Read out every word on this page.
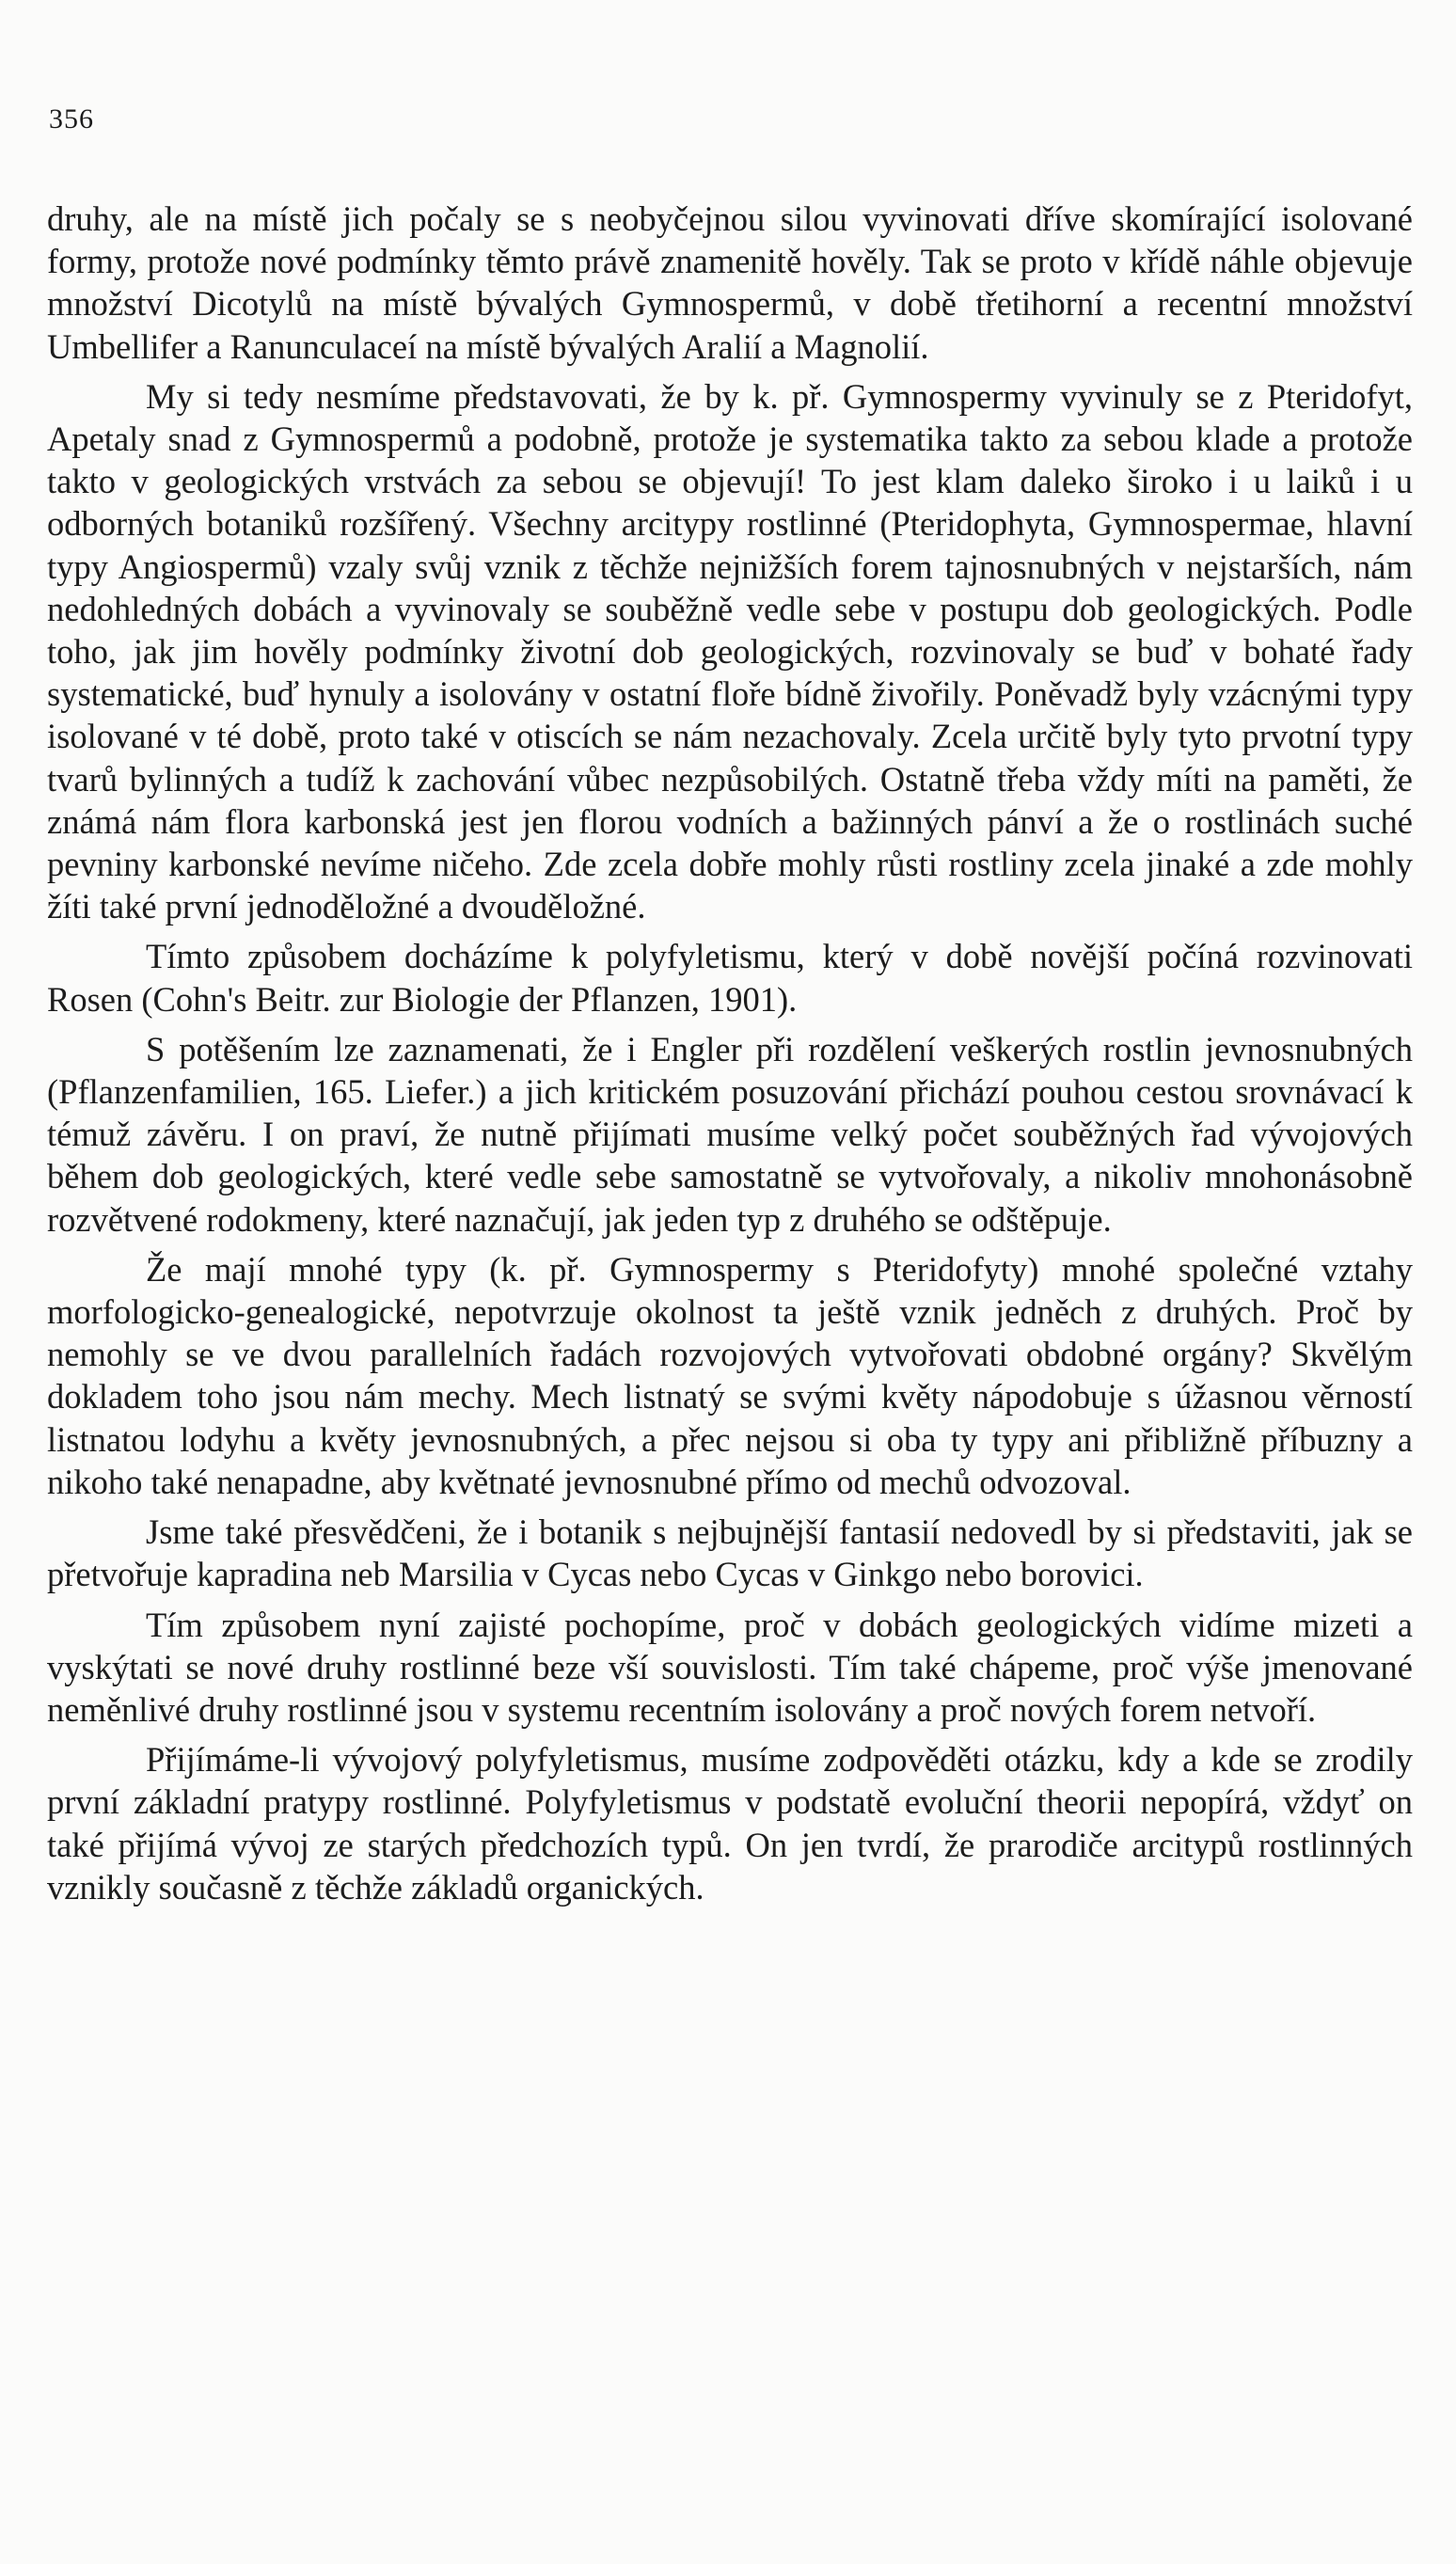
356

druhy, ale na místě jich počaly se s neobyčejnou silou vyvinovati dříve skomírající isolované formy, protože nové podmínky těmto právě znamenitě hověly. Tak se proto v křídě náhle objevuje množství Dicotylů na místě bývalých Gymnospermů, v době třetihorní a recentní množství Umbellifer a Ranunculaceí na místě bývalých Aralií a Magnolií.

My si tedy nesmíme představovati, že by k. př. Gymnospermy vyvinuly se z Pteridofyt, Apetaly snad z Gymnospermů a podobně, protože je systematika takto za sebou klade a protože takto v geologických vrstvách za sebou se objevují! To jest klam daleko široko i u laiků i u odborných botaniků rozšířený. Všechny arcitypy rostlinné (Pteridophyta, Gymnospermae, hlavní typy Angiospermů) vzaly svůj vznik z těchže nejnižších forem tajnosnubných v nejstarších, nám nedohledných dobách a vyvinovaly se souběžně vedle sebe v postupu dob geologických. Podle toho, jak jim hověly podmínky životní dob geologických, rozvinovaly se buď v bohaté řady systematické, buď hynuly a isolovány v ostatní floře bídně živořily. Poněvadž byly vzácnými typy isolované v té době, proto také v otiscích se nám nezachovaly. Zcela určitě byly tyto prvotní typy tvarů bylinných a tudíž k zachování vůbec nezpůsobilých. Ostatně třeba vždy míti na paměti, že známá nám flora karbonská jest jen florou vodních a bažinných pánví a že o rostlinách suché pevniny karbonské nevíme ničeho. Zde zcela dobře mohly růsti rostliny zcela jinaké a zde mohly žíti také první jednoděložné a dvouděložné.

Tímto způsobem docházíme k polyfyletismu, který v době novější počíná rozvinovati Rosen (Cohn's Beitr. zur Biologie der Pflanzen, 1901).

S potěšením lze zaznamenati, že i Engler při rozdělení veškerých rostlin jevnosnubných (Pflanzenfamilien, 165. Liefer.) a jich kritickém posuzování přichází pouhou cestou srovnávací k témuž závěru. I on praví, že nutně přijímati musíme velký počet souběžných řad vývojových během dob geologických, které vedle sebe samostatně se vytvořovaly, a nikoliv mnohonásobně rozvětvené rodokmeny, které naznačují, jak jeden typ z druhého se odštěpuje.

Že mají mnohé typy (k. př. Gymnospermy s Pteridofyty) mnohé společné vztahy morfologicko-genealogické, nepotvrzuje okolnost ta ještě vznik jedněch z druhých. Proč by nemohly se ve dvou parallelních řadách rozvojových vytvořovati obdobné orgány? Skvělým dokladem toho jsou nám mechy. Mech listnatý se svými květy nápodobuje s úžasnou věrností listnatou lodyhu a květy jevnosnubných, a přec nejsou si oba ty typy ani přibližně příbuzny a nikoho také nenapadne, aby květnaté jevnosnubné přímo od mechů odvozoval.

Jsme také přesvědčeni, že i botanik s nejbujnější fantasií nedovedl by si představiti, jak se přetvořuje kapradina neb Marsilia v Cycas nebo Cycas v Ginkgo nebo borovici.

Tím způsobem nyní zajisté pochopíme, proč v dobách geologických vidíme mizeti a vyskýtati se nové druhy rostlinné beze vší souvislosti. Tím také chápeme, proč výše jmenované neměnlivé druhy rostlinné jsou v systemu recentním isolovány a proč nových forem netvoří.

Přijímáme-li vývojový polyfyletismus, musíme zodpověděti otázku, kdy a kde se zrodily první základní pratypy rostlinné. Polyfyletismus v podstatě evoluční theorii nepopírá, vždyť on také přijímá vývoj ze starých předchozích typů. On jen tvrdí, že prarodiče arcitypů rostlinných vznikly současně z těchže základů organických.
